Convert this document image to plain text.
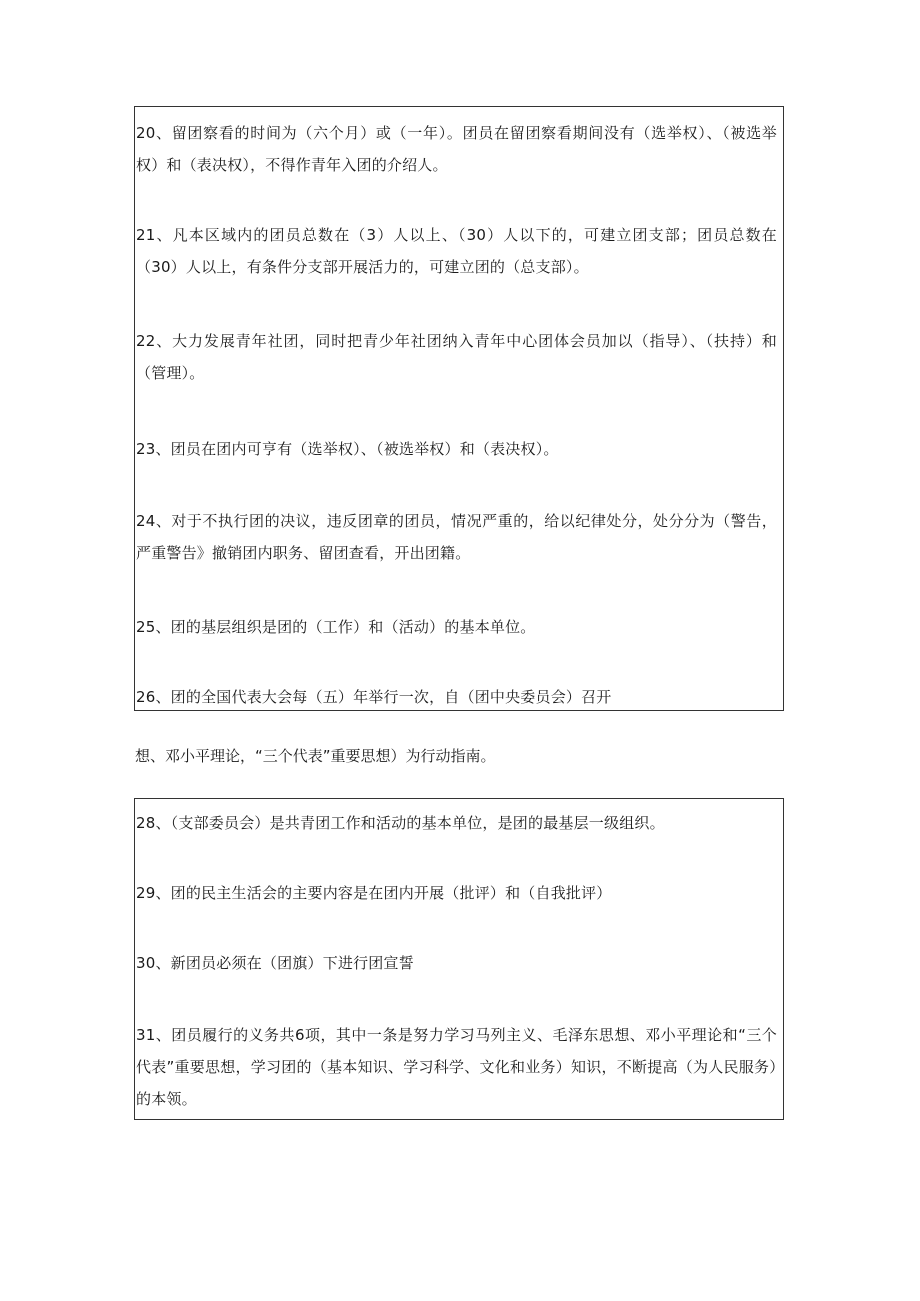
20、留团察看的时间为（六个月）或（一年）。团员在留团察看期间没有（选举权）、（被选举权）和（表决权），不得作青年入团的介绍人。

21、凡本区域内的团员总数在（3）人以上、（30）人以下的，可建立团支部；团员总数在（30）人以上，有条件分支部开展活力的，可建立团的（总支部）。

22、大力发展青年社团，同时把青少年社团纳入青年中心团体会员加以（指导）、（扶持）和（管理）。

23、团员在团内可亨有（选举权）、（被选举权）和（表决权）。

24、对于不执行团的决议，违反团章的团员，情况严重的，给以纪律处分，处分分为（警告，严重警告》撤销团内职务、留团查看，开出团籍。

25、团的基层组织是团的（工作）和（活动）的基本单位。

26、团的全国代表大会每（五）年举行一次，自（团中央委员会）召开

想、邓小平理论，“三个代表”重要思想）为行动指南。

28、（支部委员会）是共青团工作和活动的基本单位，是团的最基层一级组织。

29、团的民主生活会的主要内容是在团内开展（批评）和（自我批评）

30、新团员必须在（团旗）下进行团宣誓

31、团员履行的义务共6项，其中一条是努力学习马列主义、毛泽东思想、邓小平理论和“三个代表”重要思想，学习团的（基本知识、学习科学、文化和业务）知识，不断提高（为人民服务）的本领。
